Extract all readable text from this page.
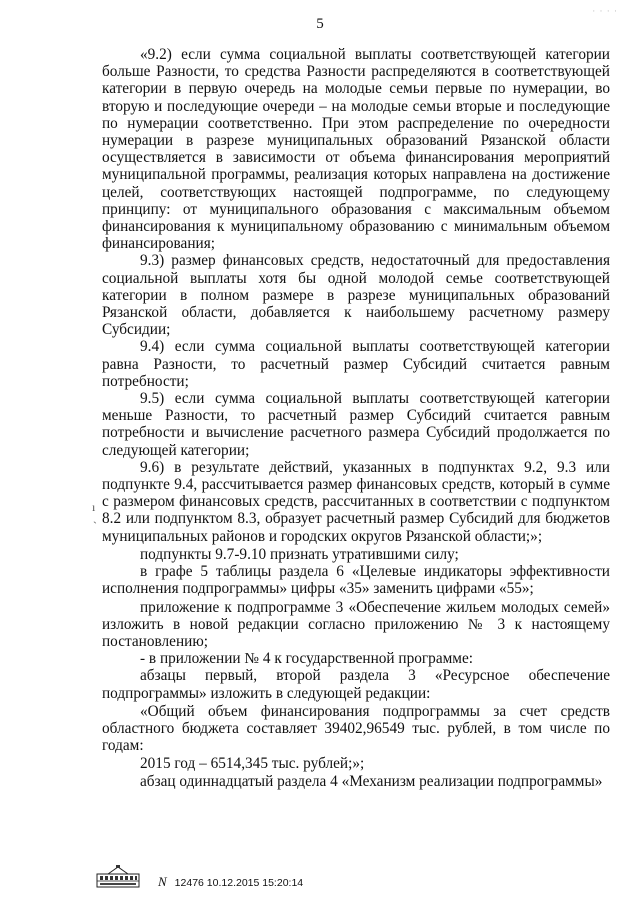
5
· · · ·

«9.2) если сумма социальной выплаты соответствующей категории больше Разности, то средства Разности распределяются в соответствующей категории в первую очередь на молодые семьи первые по нумерации, во вторую и последующие очереди – на молодые семьи вторые и последующие по нумерации соответственно. При этом распределение по очередности нумерации в разрезе муниципальных образований Рязанской области осуществляется в зависимости от объема финансирования мероприятий муниципальной программы, реализация которых направлена на достижение целей, соответствующих настоящей подпрограмме, по следующему принципу: от муниципального образования с максимальным объемом финансирования к муниципальному образованию с минимальным объемом финансирования;

9.3) размер финансовых средств, недостаточный для предоставления социальной выплаты хотя бы одной молодой семье соответствующей категории в полном размере в разрезе муниципальных образований Рязанской области, добавляется к наибольшему расчетному размеру Субсидии;

9.4) если сумма социальной выплаты соответствующей категории равна Разности, то расчетный размер Субсидий считается равным потребности;

9.5) если сумма социальной выплаты соответствующей категории меньше Разности, то расчетный размер Субсидий считается равным потребности и вычисление расчетного размера Субсидий продолжается по следующей категории;

9.6) в результате действий, указанных в подпунктах 9.2, 9.3 или подпункте 9.4, рассчитывается размер финансовых средств, который в сумме с размером финансовых средств, рассчитанных в соответствии с подпунктом 8.2 или подпунктом 8.3, образует расчетный размер Субсидий для бюджетов муниципальных районов и городских округов Рязанской области;»;

подпункты 9.7-9.10 признать утратившими силу;

в графе 5 таблицы раздела 6 «Целевые индикаторы эффективности исполнения подпрограммы» цифры «35» заменить цифрами «55»;

приложение к подпрограмме 3 «Обеспечение жильем молодых семей» изложить в новой редакции согласно приложению № 3 к настоящему постановлению;

- в приложении № 4 к государственной программе:

абзацы первый, второй раздела 3 «Ресурсное обеспечение подпрограммы» изложить в следующей редакции:

«Общий объем финансирования подпрограммы за счет средств областного бюджета составляет 39402,96549 тыс. рублей, в том числе по годам:

2015 год – 6514,345 тыс. рублей;»;

абзац одиннадцатый раздела 4 «Механизм реализации подпрограммы»

ı
ˋ
N 12476 10.12.2015 15:20:14
